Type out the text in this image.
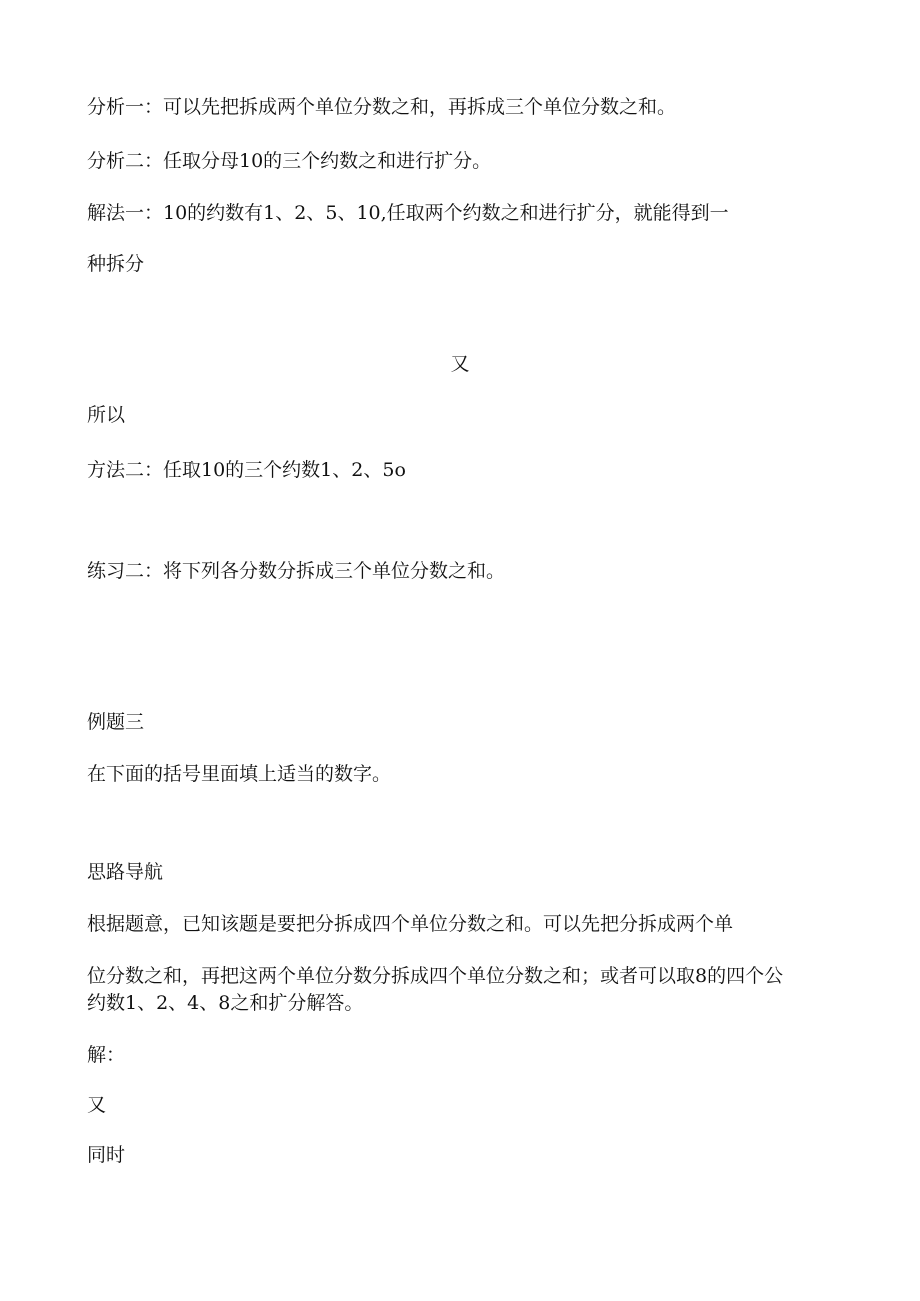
分析一：可以先把拆成两个单位分数之和，再拆成三个单位分数之和。

分析二：任取分母10的三个约数之和进行扩分。

解法一：10的约数有1、2、5、10,任取两个约数之和进行扩分，就能得到一

种拆分

又

所以

方法二：任取10的三个约数1、2、5o

练习二：将下列各分数分拆成三个单位分数之和。

例题三

在下面的括号里面填上适当的数字。

思路导航

根据题意，已知该题是要把分拆成四个单位分数之和。可以先把分拆成两个单

位分数之和，再把这两个单位分数分拆成四个单位分数之和；或者可以取8的四个公

约数1、2、4、8之和扩分解答。

解：

又

同时
